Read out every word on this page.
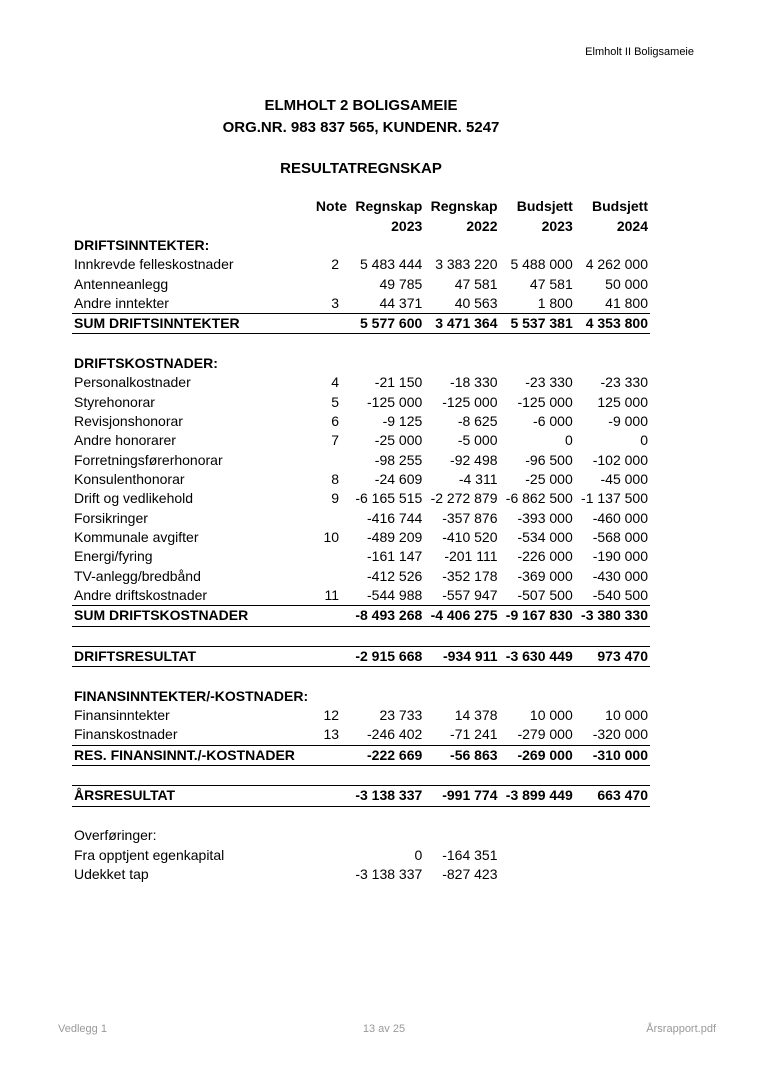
Elmholt II Boligsameie
ELMHOLT 2 BOLIGSAMEIE
ORG.NR. 983 837 565, KUNDENR. 5247
RESULTATREGNSKAP
	Note	Regnskap	Regnskap	Budsjett	Budsjett
		2023	2022	2023	2024
DRIFTSINNTEKTER:					
Innkrevde felleskostnader	2	5 483 444	3 383 220	5 488 000	4 262 000
Antenneanlegg		49 785	47 581	47 581	50 000
Andre inntekter	3	44 371	40 563	1 800	41 800
SUM DRIFTSINNTEKTER		5 577 600	3 471 364	5 537 381	4 353 800

DRIFTSKOSTNADER:					
Personalkostnader	4	-21 150	-18 330	-23 330	-23 330
Styrehonorar	5	-125 000	-125 000	-125 000	125 000
Revisjonshonorar	6	-9 125	-8 625	-6 000	-9 000
Andre honorarer	7	-25 000	-5 000	0	0
Forretningsførerhonorar		-98 255	-92 498	-96 500	-102 000
Konsulenthonorar	8	-24 609	-4 311	-25 000	-45 000
Drift og vedlikehold	9	-6 165 515	-2 272 879	-6 862 500	-1 137 500
Forsikringer		-416 744	-357 876	-393 000	-460 000
Kommunale avgifter	10	-489 209	-410 520	-534 000	-568 000
Energi/fyring		-161 147	-201 111	-226 000	-190 000
TV-anlegg/bredbånd		-412 526	-352 178	-369 000	-430 000
Andre driftskostnader	11	-544 988	-557 947	-507 500	-540 500
SUM DRIFTSKOSTNADER		-8 493 268	-4 406 275	-9 167 830	-3 380 330

DRIFTSRESULTAT		-2 915 668	-934 911	-3 630 449	973 470

FINANSINNTEKTER/-KOSTNADER:					
Finansinntekter	12	23 733	14 378	10 000	10 000
Finanskostnader	13	-246 402	-71 241	-279 000	-320 000
RES. FINANSINNT./-KOSTNADER		-222 669	-56 863	-269 000	-310 000

ÅRSRESULTAT		-3 138 337	-991 774	-3 899 449	663 470

Overføringer:					
Fra opptjent egenkapital		0	-164 351		
Udekket tap		-3 138 337	-827 423		
Vedlegg 1	13 av 25	Årsrapport.pdf
